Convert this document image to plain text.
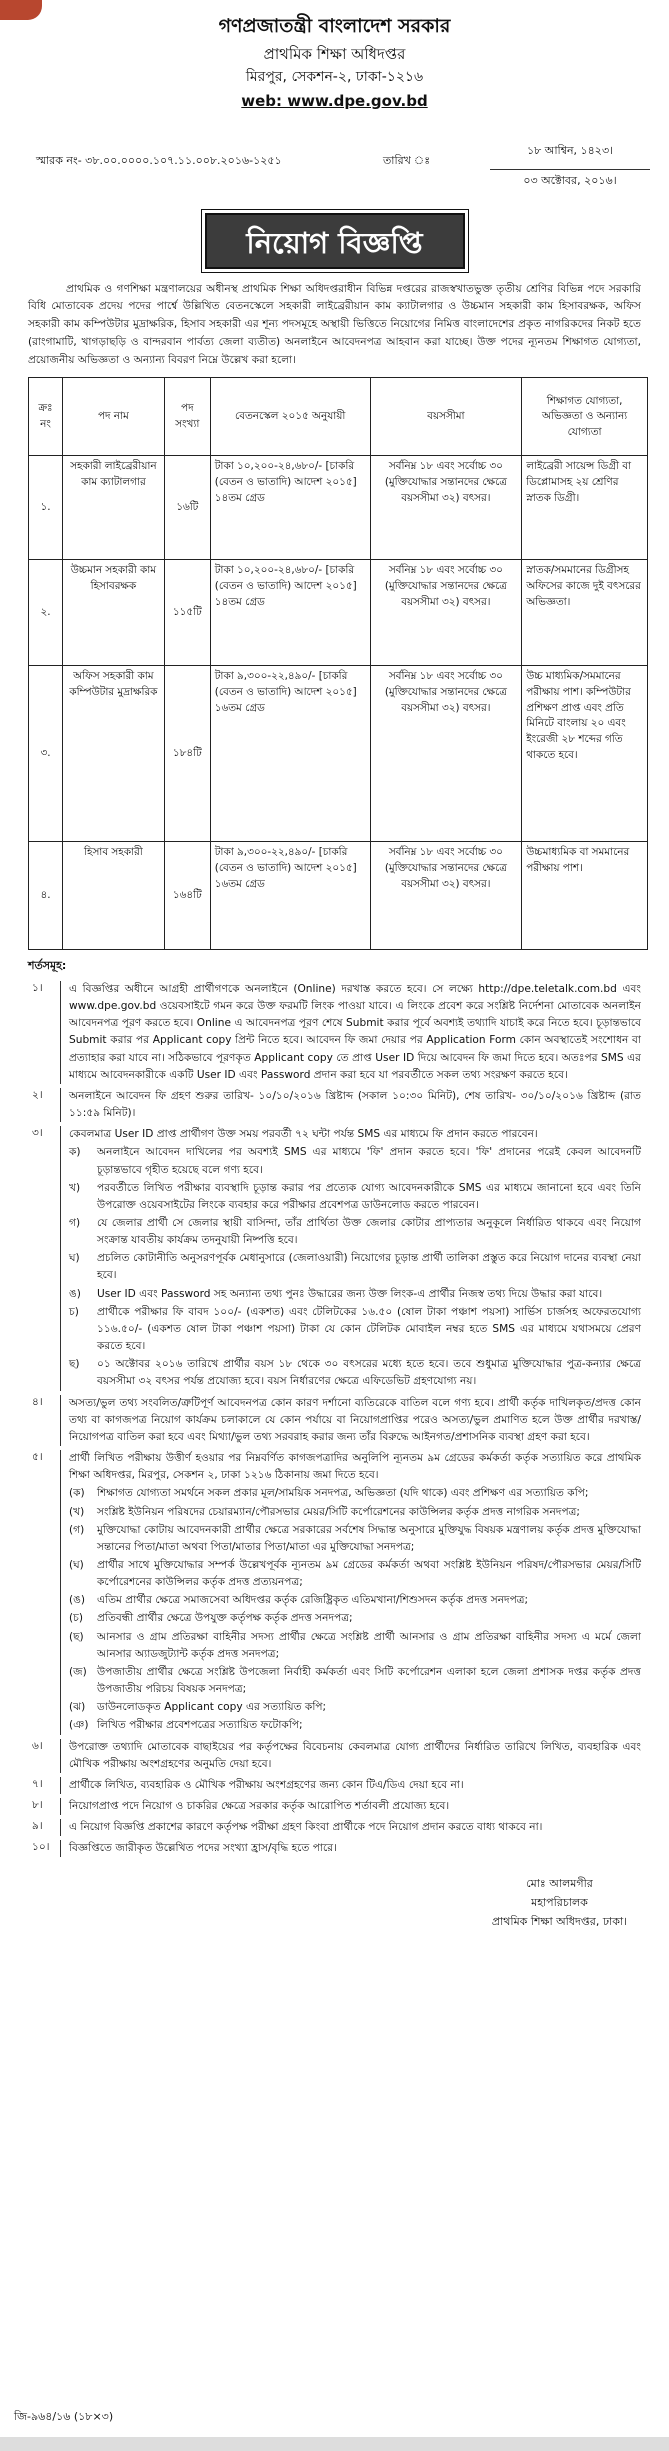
গণপ্রজাতন্ত্রী বাংলাদেশ সরকার
প্রাথমিক শিক্ষা অধিদপ্তর
মিরপুর, সেকশন-২, ঢাকা-১২১৬
web: www.dpe.gov.bd
স্মারক নং- ৩৮.০০.০০০০.১০৭.১১.০০৮.২০১৬-১২৫১	তারিখ ঃ
১৮ আশ্বিন, ১৪২৩।
০৩ অক্টোবর, ২০১৬।
নিয়োগ বিজ্ঞপ্তি

প্রাথমিক ও গণশিক্ষা মন্ত্রণালয়ের অধীনস্থ প্রাথমিক শিক্ষা অধিদপ্তরাধীন বিভিন্ন দপ্তরের রাজস্বখাতভুক্ত তৃতীয় শ্রেণির বিভিন্ন পদে সরকারি বিধি মোতাবেক প্রদেয় পদের পার্শ্বে উল্লিখিত বেতনস্কেলে সহকারী লাইব্রেরীয়ান কাম ক্যাটালগার ও উচ্চমান সহকারী কাম হিসাবরক্ষক, অফিস সহকারী কাম কম্পিউটার মুদ্রাক্ষরিক, হিসাব সহকারী এর শূন্য পদসমূহে অস্থায়ী ভিত্তিতে নিয়োগের নিমিত্ত বাংলাদেশের প্রকৃত নাগরিকদের নিকট হতে (রাংগামাটি, খাগড়াছড়ি ও বান্দরবান পার্বত্য জেলা ব্যতীত) অনলাইনে আবেদনপত্র আহবান করা যাচ্ছে। উক্ত পদের ন্যূনতম শিক্ষাগত যোগ্যতা, প্রয়োজনীয় অভিজ্ঞতা ও অন্যান্য বিবরণ নিম্নে উল্লেখ করা হলো।

ক্রঃ নং	পদ নাম	পদ সংখ্যা	বেতনস্কেল ২০১৫ অনুযায়ী	বয়সসীমা	শিক্ষাগত যোগ্যতা, অভিজ্ঞতা ও অন্যান্য যোগ্যতা
১.	সহকারী লাইব্রেরীয়ান কাম ক্যাটালগার	১৬টি	টাকা ১০,২০০-২৪,৬৮০/- [চাকরি (বেতন ও ভাতাদি) আদেশ ২০১৫] ১৪তম গ্রেড	সর্বনিম্ন ১৮ এবং সর্বোচ্চ ৩০ (মুক্তিযোদ্ধার সন্তানদের ক্ষেত্রে বয়সসীমা ৩২) বৎসর।	লাইব্রেরী সায়েন্স ডিগ্রী বা ডিপ্লোমাসহ ২য় শ্রেণির স্নাতক ডিগ্রী।
২.	উচ্চমান সহকারী কাম হিসাবরক্ষক	১১৫টি	টাকা ১০,২০০-২৪,৬৮০/- [চাকরি (বেতন ও ভাতাদি) আদেশ ২০১৫] ১৪তম গ্রেড	সর্বনিম্ন ১৮ এবং সর্বোচ্চ ৩০ (মুক্তিযোদ্ধার সন্তানদের ক্ষেত্রে বয়সসীমা ৩২) বৎসর।	স্নাতক/সমমানের ডিগ্রীসহ অফিসের কাজে দুই বৎসরের অভিজ্ঞতা।
৩.	অফিস সহকারী কাম কম্পিউটার মুদ্রাক্ষরিক	১৮৪টি	টাকা ৯,৩০০-২২,৪৯০/- [চাকরি (বেতন ও ভাতাদি) আদেশ ২০১৫] ১৬তম গ্রেড	সর্বনিম্ন ১৮ এবং সর্বোচ্চ ৩০ (মুক্তিযোদ্ধার সন্তানদের ক্ষেত্রে বয়সসীমা ৩২) বৎসর।	উচ্চ মাধ্যমিক/সমমানের পরীক্ষায় পাশ। কম্পিউটার প্রশিক্ষণ প্রাপ্ত এবং প্রতি মিনিটে বাংলায় ২০ এবং ইংরেজী ২৮ শব্দের গতি থাকতে হবে।
৪.	হিসাব সহকারী	১৬৪টি	টাকা ৯,৩০০-২২,৪৯০/- [চাকরি (বেতন ও ভাতাদি) আদেশ ২০১৫] ১৬তম গ্রেড	সর্বনিম্ন ১৮ এবং সর্বোচ্চ ৩০ (মুক্তিযোদ্ধার সন্তানদের ক্ষেত্রে বয়সসীমা ৩২) বৎসর।	উচ্চমাধ্যমিক বা সমমানের পরীক্ষায় পাশ।
শর্তসমূহ:
১।	এ বিজ্ঞপ্তির অধীনে আগ্রহী প্রার্থীগণকে অনলাইনে (Online) দরখাস্ত করতে হবে। সে লক্ষ্যে http://dpe.teletalk.com.bd এবং www.dpe.gov.bd ওয়েবসাইটে গমন করে উক্ত ফরমটি লিংক পাওয়া যাবে। এ লিংকে প্রবেশ করে সংশ্লিষ্ট নির্দেশনা মোতাবেক অনলাইন আবেদনপত্র পূরণ করতে হবে। Online এ আবেদনপত্র পূরণ শেষে Submit করার পূর্বে অবশ্যই তথ্যাদি যাচাই করে নিতে হবে। চূড়ান্তভাবে Submit করার পর Applicant copy প্রিন্ট নিতে হবে। আবেদন ফি জমা দেয়ার পর Application Form কোন অবস্থাতেই সংশোধন বা প্রত্যাহার করা যাবে না। সঠিকভাবে পূরণকৃত Applicant copy তে প্রাপ্ত User ID দিয়ে আবেদন ফি জমা দিতে হবে। অতঃপর SMS এর মাধ্যমে আবেদনকারীকে একটি User ID এবং Password প্রদান করা হবে যা পরবর্তীতে সকল তথ্য সংরক্ষণ করতে হবে।
২।	অনলাইনে আবেদন ফি গ্রহণ শুরুর তারিখ- ১০/১০/২০১৬ খ্রিষ্টাব্দ (সকাল ১০:৩০ মিনিট), শেষ তারিখ- ৩০/১০/২০১৬ খ্রিষ্টাব্দ (রাত ১১:৫৯ মিনিট)।
৩।	কেবলমাত্র User ID প্রাপ্ত প্রার্থীগণ উক্ত সময় পরবর্তী ৭২ ঘন্টা পর্যন্ত SMS এর মাধ্যমে ফি প্রদান করতে পারবেন।
ক)	অনলাইনে আবেদন দাখিলের পর অবশ্যই SMS এর মাধ্যমে 'ফি' প্রদান করতে হবে। 'ফি' প্রদানের পরেই কেবল আবেদনটি চূড়ান্তভাবে গৃহীত হয়েছে বলে গণ্য হবে।
খ)	পরবর্তীতে লিখিত পরীক্ষার ব্যবস্থাদি চূড়ান্ত করার পর প্রত্যেক যোগ্য আবেদনকারীকে SMS এর মাধ্যমে জানানো হবে এবং তিনি উপরোক্ত ওয়েবসাইটের লিংকে ব্যবহার করে পরীক্ষার প্রবেশপত্র ডাউনলোড করতে পারবেন।
গ)	যে জেলার প্রার্থী সে জেলার স্থায়ী বাসিন্দা, তাঁর প্রার্থিতা উক্ত জেলার কোটার প্রাপ্যতার অনুকূলে নির্ধারিত থাকবে এবং নিয়োগ সংক্রান্ত যাবতীয় কার্যক্রম তদনুযায়ী নিষ্পত্তি হবে।
ঘ)	প্রচলিত কোটানীতি অনুসরণপূর্বক মেধানুসারে (জেলাওয়ারী) নিয়োগের চূড়ান্ত প্রার্থী তালিকা প্রস্তুত করে নিয়োগ দানের ব্যবস্থা নেয়া হবে।
ঙ)	User ID এবং Password সহ অন্যান্য তথ্য পুনঃ উদ্ধারের জন্য উক্ত লিংক-এ প্রার্থীর নিজস্ব তথ্য দিয়ে উদ্ধার করা যাবে।
চ)	প্রার্থীকে পরীক্ষার ফি বাবদ ১০০/- (একশত) এবং টেলিটকের ১৬.৫০ (ষোল টাকা পঞ্চাশ পয়সা) সার্ভিস চার্জসহ অফেরতযোগ্য ১১৬.৫০/- (একশত ষোল টাকা পঞ্চাশ পয়সা) টাকা যে কোন টেলিটক মোবাইল নম্বর হতে SMS এর মাধ্যমে যথাসময়ে প্রেরণ করতে হবে।
ছ)	০১ অক্টোবর ২০১৬ তারিখে প্রার্থীর বয়স ১৮ থেকে ৩০ বৎসরের মধ্যে হতে হবে। তবে শুধুমাত্র মুক্তিযোদ্ধার পুত্র-কন্যার ক্ষেত্রে বয়সসীমা ৩২ বৎসর পর্যন্ত প্রযোজ্য হবে। বয়স নির্ধারণের ক্ষেত্রে এফিডেভিট গ্রহণযোগ্য নয়।
৪।	অসত্য/ভুল তথ্য সংবলিত/ত্রুটিপূর্ণ আবেদনপত্র কোন কারণ দর্শানো ব্যতিরেকে বাতিল বলে গণ্য হবে। প্রার্থী কর্তৃক দাখিলকৃত/প্রদত্ত কোন তথ্য বা কাগজপত্র নিয়োগ কার্যক্রম চলাকালে যে কোন পর্যায়ে বা নিয়োগপ্রাপ্তির পরেও অসত্য/ভুল প্রমাণিত হলে উক্ত প্রার্থীর দরখাস্ত/নিয়োগপত্র বাতিল করা হবে এবং মিথ্যা/ভুল তথ্য সরবরাহ করার জন্য তাঁর বিরুদ্ধে আইনগত/প্রশাসনিক ব্যবস্থা গ্রহণ করা হবে।
৫।	প্রার্থী লিখিত পরীক্ষায় উত্তীর্ণ হওয়ার পর নিম্নবর্ণিত কাগজপত্রাদির অনুলিপি ন্যূনতম ৯ম গ্রেডের কর্মকর্তা কর্তৃক সত্যায়িত করে প্রাথমিক শিক্ষা অধিদপ্তর, মিরপুর, সেকশন ২, ঢাকা ১২১৬ ঠিকানায় জমা দিতে হবে।
(ক)	শিক্ষাগত যোগ্যতা সমর্থনে সকল প্রকার মূল/সাময়িক সনদপত্র, অভিজ্ঞতা (যদি থাকে) এবং প্রশিক্ষণ এর সত্যায়িত কপি;
(খ)	সংশ্লিষ্ট ইউনিয়ন পরিষদের চেয়ারম্যান/পৌরসভার মেয়র/সিটি কর্পোরেশনের কাউন্সিলর কর্তৃক প্রদত্ত নাগরিক সনদপত্র;
(গ)	মুক্তিযোদ্ধা কোটায় আবেদনকারী প্রার্থীর ক্ষেত্রে সরকারের সর্বশেষ সিদ্ধান্ত অনুসারে মুক্তিযুদ্ধ বিষয়ক মন্ত্রণালয় কর্তৃক প্রদত্ত মুক্তিযোদ্ধা সন্তানের পিতা/মাতা অথবা পিতা/মাতার পিতা/মাতা এর মুক্তিযোদ্ধা সনদপত্র;
(ঘ)	প্রার্থীর সাথে মুক্তিযোদ্ধার সম্পর্ক উল্লেখপূর্বক ন্যূনতম ৯ম গ্রেডের কর্মকর্তা অথবা সংশ্লিষ্ট ইউনিয়ন পরিষদ/পৌরসভার মেয়র/সিটি কর্পোরেশনের কাউন্সিলর কর্তৃক প্রদত্ত প্রত্যয়নপত্র;
(ঙ)	এতিম প্রার্থীর ক্ষেত্রে সমাজসেবা অধিদপ্তর কর্তৃক রেজিষ্ট্রিকৃত এতিমখানা/শিশুসদন কর্তৃক প্রদত্ত সনদপত্র;
(চ)	প্রতিবন্ধী প্রার্থীর ক্ষেত্রে উপযুক্ত কর্তৃপক্ষ কর্তৃক প্রদত্ত সনদপত্র;
(ছ)	আনসার ও গ্রাম প্রতিরক্ষা বাহিনীর সদস্য প্রার্থীর ক্ষেত্রে সংশ্লিষ্ট প্রার্থী আনসার ও গ্রাম প্রতিরক্ষা বাহিনীর সদস্য এ মর্মে জেলা আনসার অ্যাডজুট্যান্ট কর্তৃক প্রদত্ত সনদপত্র;
(জ) উপজাতীয় প্রার্থীর ক্ষেত্রে সংশ্লিষ্ট উপজেলা নির্বাহী কর্মকর্তা এবং সিটি কর্পোরেশন এলাকা হলে জেলা প্রশাসক দপ্তর কর্তৃক প্রদত্ত উপজাতীয় পরিচয় বিষয়ক সনদপত্র;
(ঝ)	ডাউনলোডকৃত Applicant copy এর সত্যায়িত কপি;
(ঞ) লিখিত পরীক্ষার প্রবেশপত্রের সত্যায়িত ফটোকপি;
৬।	উপরোক্ত তথ্যাদি মোতাবেক বাছাইয়ের পর কর্তৃপক্ষের বিবেচনায় কেবলমাত্র যোগ্য প্রার্থীদের নির্ধারিত তারিখে লিখিত, ব্যবহারিক এবং মৌখিক পরীক্ষায় অংশগ্রহণের অনুমতি দেয়া হবে।
৭।	প্রার্থীকে লিখিত, ব্যবহারিক ও মৌখিক পরীক্ষায় অংশগ্রহণের জন্য কোন টিএ/ডিএ দেয়া হবে না।
৮।	নিয়োগপ্রাপ্ত পদে নিয়োগ ও চাকরির ক্ষেত্রে সরকার কর্তৃক আরোপিত শর্তাবলী প্রযোজ্য হবে।
৯।	এ নিয়োগ বিজ্ঞপ্তি প্রকাশের কারণে কর্তৃপক্ষ পরীক্ষা গ্রহণ কিংবা প্রার্থীকে পদে নিয়োগ প্রদান করতে বাধ্য থাকবে না।
১০।	বিজ্ঞপ্তিতে জারীকৃত উল্লেখিত পদের সংখ্যা হ্রাস/বৃদ্ধি হতে পারে।
মোঃ আলমগীর
মহাপরিচালক
প্রাথমিক শিক্ষা অধিদপ্তর, ঢাকা।
জি-৯৬৪/১৬ (১৮×৩)
